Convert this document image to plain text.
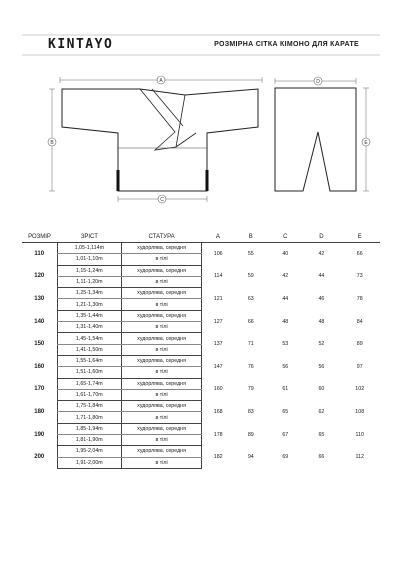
KINTAYO	РОЗМІРНА СІТКА КІМОНО ДЛЯ КАРАТЕ
A
B
C
D
E
РОЗМІР	ЗРІСТ	СТАТУРА	A	B	C	D	E
110	1,05-1,114m	худорлява, середня	106	55	40	42	66
	1,01-1,10m	в тілі					
120	1,15-1,24m	худорлява, середня	114	59	42	44	73
	1,11-1,20m	в тілі					
130	1,25-1,34m	худорлява, середня	121	63	44	46	78
	1,21-1,30m	в тілі					
140	1,35-1,44m	худорлява, середня	127	66	48	48	84
	1,31-1,40m	в тілі					
150	1,45-1,54m	худорлява, середня	137	71	53	52	89
	1,41-1,50m	в тілі					
160	1,55-1,64m	худорлява, середня	147	76	56	56	97
	1,51-1,60m	в тілі					
170	1,65-1,74m	худорлява, середня	160	79	61	60	102
	1,61-1,70m	в тілі					
180	1,75-1,84m	худорлява, середня	168	83	65	62	108
	1,71-1,80m	в тілі					
190	1,85-1,94m	худорлява, середня	178	89	67	65	110
	1,81-1,90m	в тілі					
200	1,95-2,04m	худорлява, середня	182	94	69	66	112
	1,91-2,00m	в тілі					
